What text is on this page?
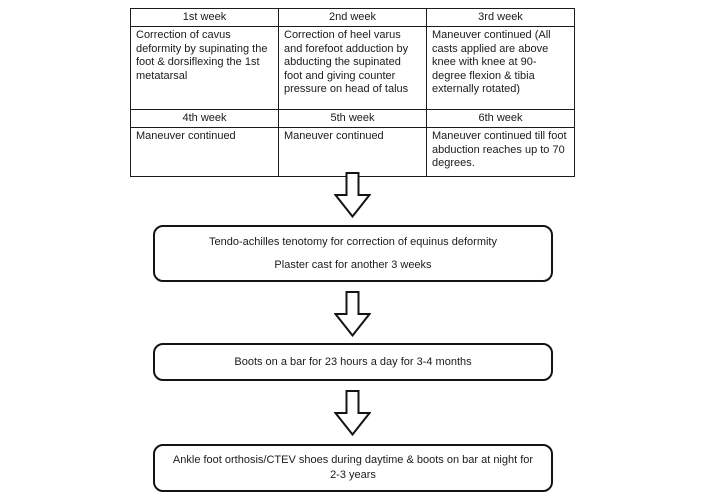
1st week	2nd week	3rd week
Correction of cavus deformity by supinating the foot & dorsiflexing the 1st metatarsal	Correction of heel varus and forefoot adduction by abducting the supinated foot and giving counter pressure on head of talus	Maneuver continued (All casts applied are above knee with knee at 90-degree flexion & tibia externally rotated)
4th week	5th week	6th week
Maneuver continued	Maneuver continued	Maneuver continued till foot abduction reaches up to 70 degrees.
Tendo-achilles tenotomy for correction of equinus deformity
Plaster cast for another 3 weeks
Boots on a bar for 23 hours a day for 3-4 months
Ankle foot orthosis/CTEV shoes during daytime & boots on bar at night for 2-3 years
